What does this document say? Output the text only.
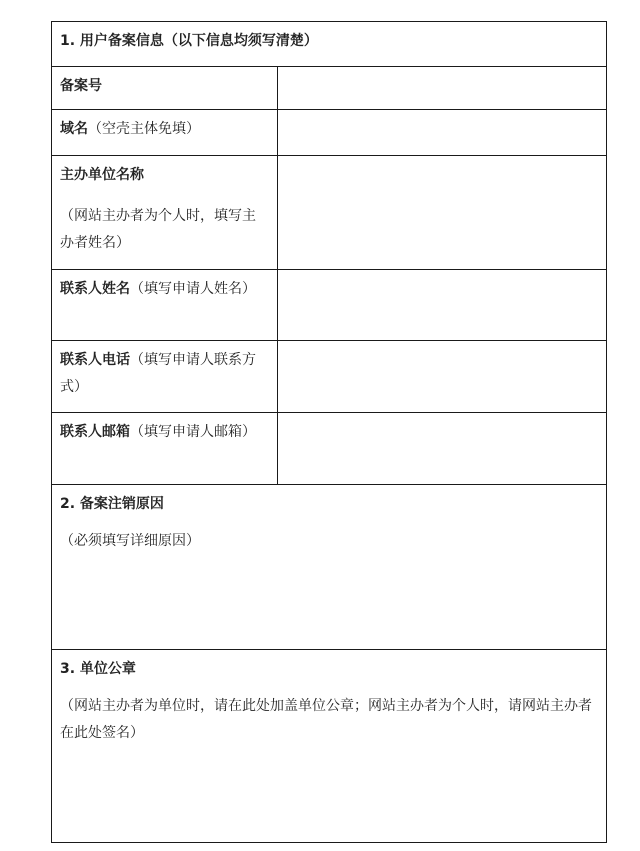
1. 用户备案信息（以下信息均须写清楚）	
备案号	
域名（空壳主体免填）	

主办单位名称
（网站主办者为个人时，填写主办者姓名）	

联系人姓名（填写申请人姓名）	
联系人电话（填写申请人联系方式）	
联系人邮箱（填写申请人邮箱）	

2. 备案注销原因
（必须填写详细原因）	

3. 单位公章
（网站主办者为单位时，请在此处加盖单位公章；网站主办者为个人时，请网站主办者在此处签名）	
